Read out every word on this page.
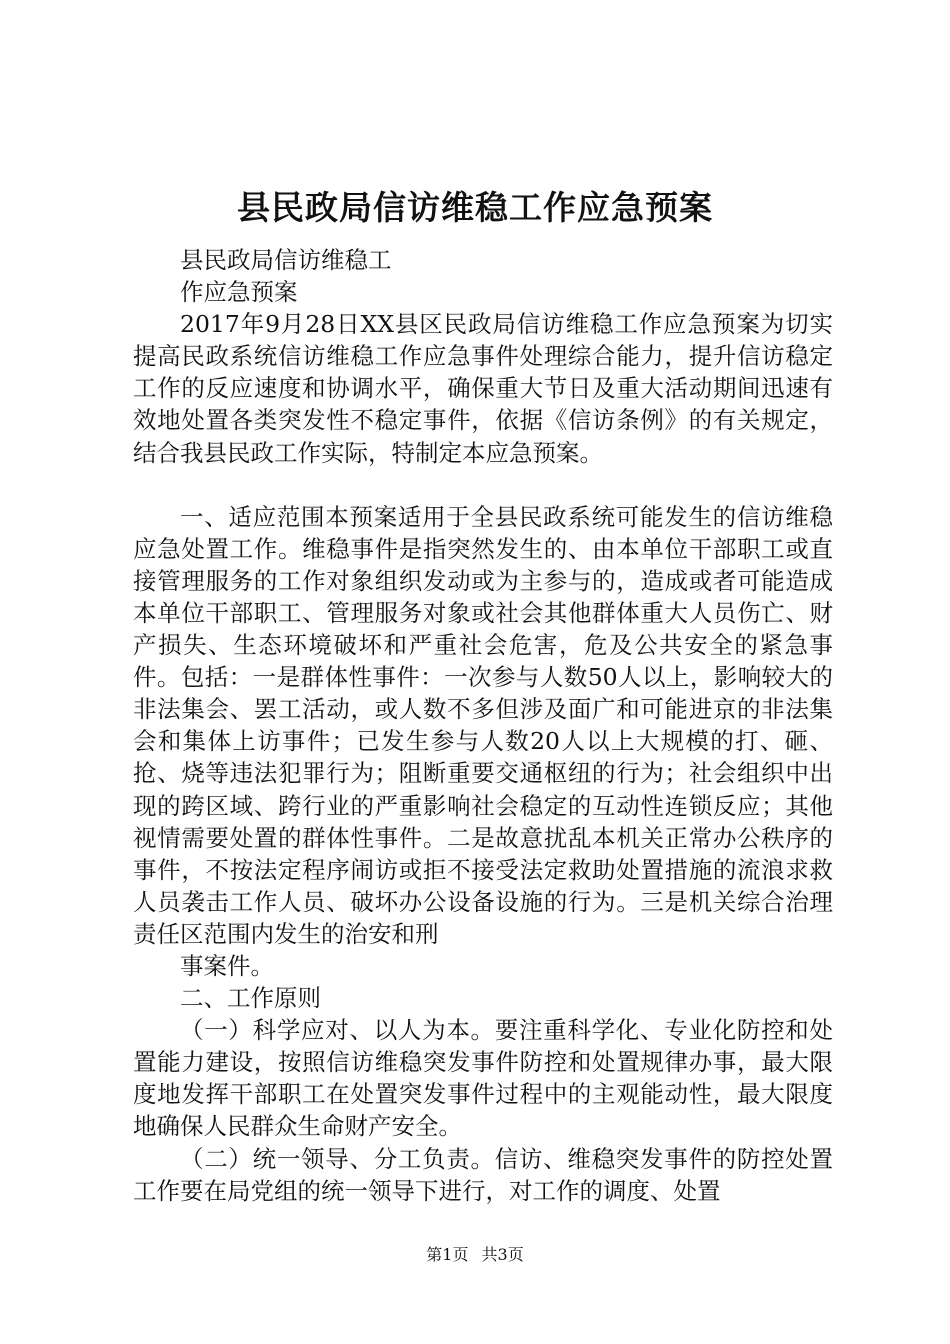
县民政局信访维稳工作应急预案

县民政局信访维稳工

作应急预案

2017年9月28日XX县区民政局信访维稳工作应急预案为切实提高民政系统信访维稳工作应急事件处理综合能力，提升信访稳定工作的反应速度和协调水平，确保重大节日及重大活动期间迅速有效地处置各类突发性不稳定事件，依据《信访条例》的有关规定，结合我县民政工作实际，特制定本应急预案。

一、适应范围本预案适用于全县民政系统可能发生的信访维稳应急处置工作。维稳事件是指突然发生的、由本单位干部职工或直接管理服务的工作对象组织发动或为主参与的，造成或者可能造成本单位干部职工、管理服务对象或社会其他群体重大人员伤亡、财产损失、生态环境破坏和严重社会危害，危及公共安全的紧急事件。包括：一是群体性事件：一次参与人数50人以上，影响较大的非法集会、罢工活动，或人数不多但涉及面广和可能进京的非法集会和集体上访事件；已发生参与人数20人以上大规模的打、砸、抢、烧等违法犯罪行为；阻断重要交通枢纽的行为；社会组织中出现的跨区域、跨行业的严重影响社会稳定的互动性连锁反应；其他视情需要处置的群体性事件。二是故意扰乱本机关正常办公秩序的事件，不按法定程序闹访或拒不接受法定救助处置措施的流浪求救人员袭击工作人员、破坏办公设备设施的行为。三是机关综合治理责任区范围内发生的治安和刑

事案件。

二、工作原则

（一）科学应对、以人为本。要注重科学化、专业化防控和处置能力建设，按照信访维稳突发事件防控和处置规律办事，最大限度地发挥干部职工在处置突发事件过程中的主观能动性，最大限度地确保人民群众生命财产安全。

（二）统一领导、分工负责。信访、维稳突发事件的防控处置工作要在局党组的统一领导下进行，对工作的调度、处置

第1页 共3页
